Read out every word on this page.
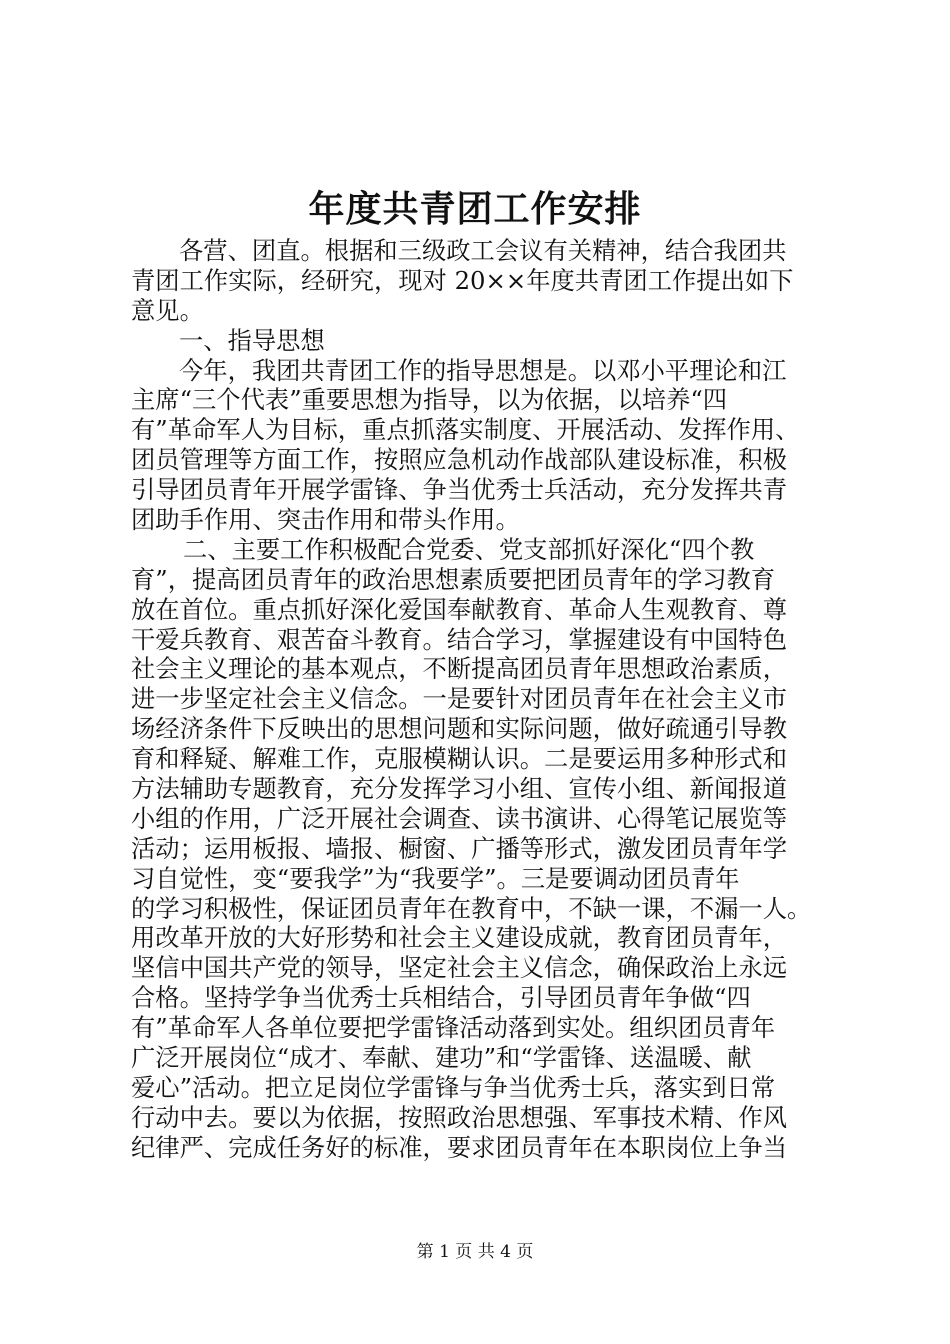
年度共青团工作安排
各营、团直。根据和三级政工会议有关精神，结合我团共
青团工作实际，经研究，现对 20××年度共青团工作提出如下
意见。
一、指导思想
今年，我团共青团工作的指导思想是。以邓小平理论和江
主席“三个代表”重要思想为指导，以为依据，以培养“四
有”革命军人为目标，重点抓落实制度、开展活动、发挥作用、
团员管理等方面工作，按照应急机动作战部队建设标准，积极
引导团员青年开展学雷锋、争当优秀士兵活动，充分发挥共青
团助手作用、突击作用和带头作用。
二、主要工作积极配合党委、党支部抓好深化“四个教
育”，提高团员青年的政治思想素质要把团员青年的学习教育
放在首位。重点抓好深化爱国奉献教育、革命人生观教育、尊
干爱兵教育、艰苦奋斗教育。结合学习，掌握建设有中国特色
社会主义理论的基本观点，不断提高团员青年思想政治素质，
进一步坚定社会主义信念。一是要针对团员青年在社会主义市
场经济条件下反映出的思想问题和实际问题，做好疏通引导教
育和释疑、解难工作，克服模糊认识。二是要运用多种形式和
方法辅助专题教育，充分发挥学习小组、宣传小组、新闻报道
小组的作用，广泛开展社会调查、读书演讲、心得笔记展览等
活动；运用板报、墙报、橱窗、广播等形式，激发团员青年学
习自觉性，变“要我学”为“我要学”。三是要调动团员青年
的学习积极性，保证团员青年在教育中，不缺一课，不漏一人。
用改革开放的大好形势和社会主义建设成就，教育团员青年，
坚信中国共产党的领导，坚定社会主义信念，确保政治上永远
合格。坚持学争当优秀士兵相结合，引导团员青年争做“四
有”革命军人各单位要把学雷锋活动落到实处。组织团员青年
广泛开展岗位“成才、奉献、建功”和“学雷锋、送温暖、献
爱心”活动。把立足岗位学雷锋与争当优秀士兵，落实到日常
行动中去。要以为依据，按照政治思想强、军事技术精、作风
纪律严、完成任务好的标准，要求团员青年在本职岗位上争当
第 1 页 共 4 页
